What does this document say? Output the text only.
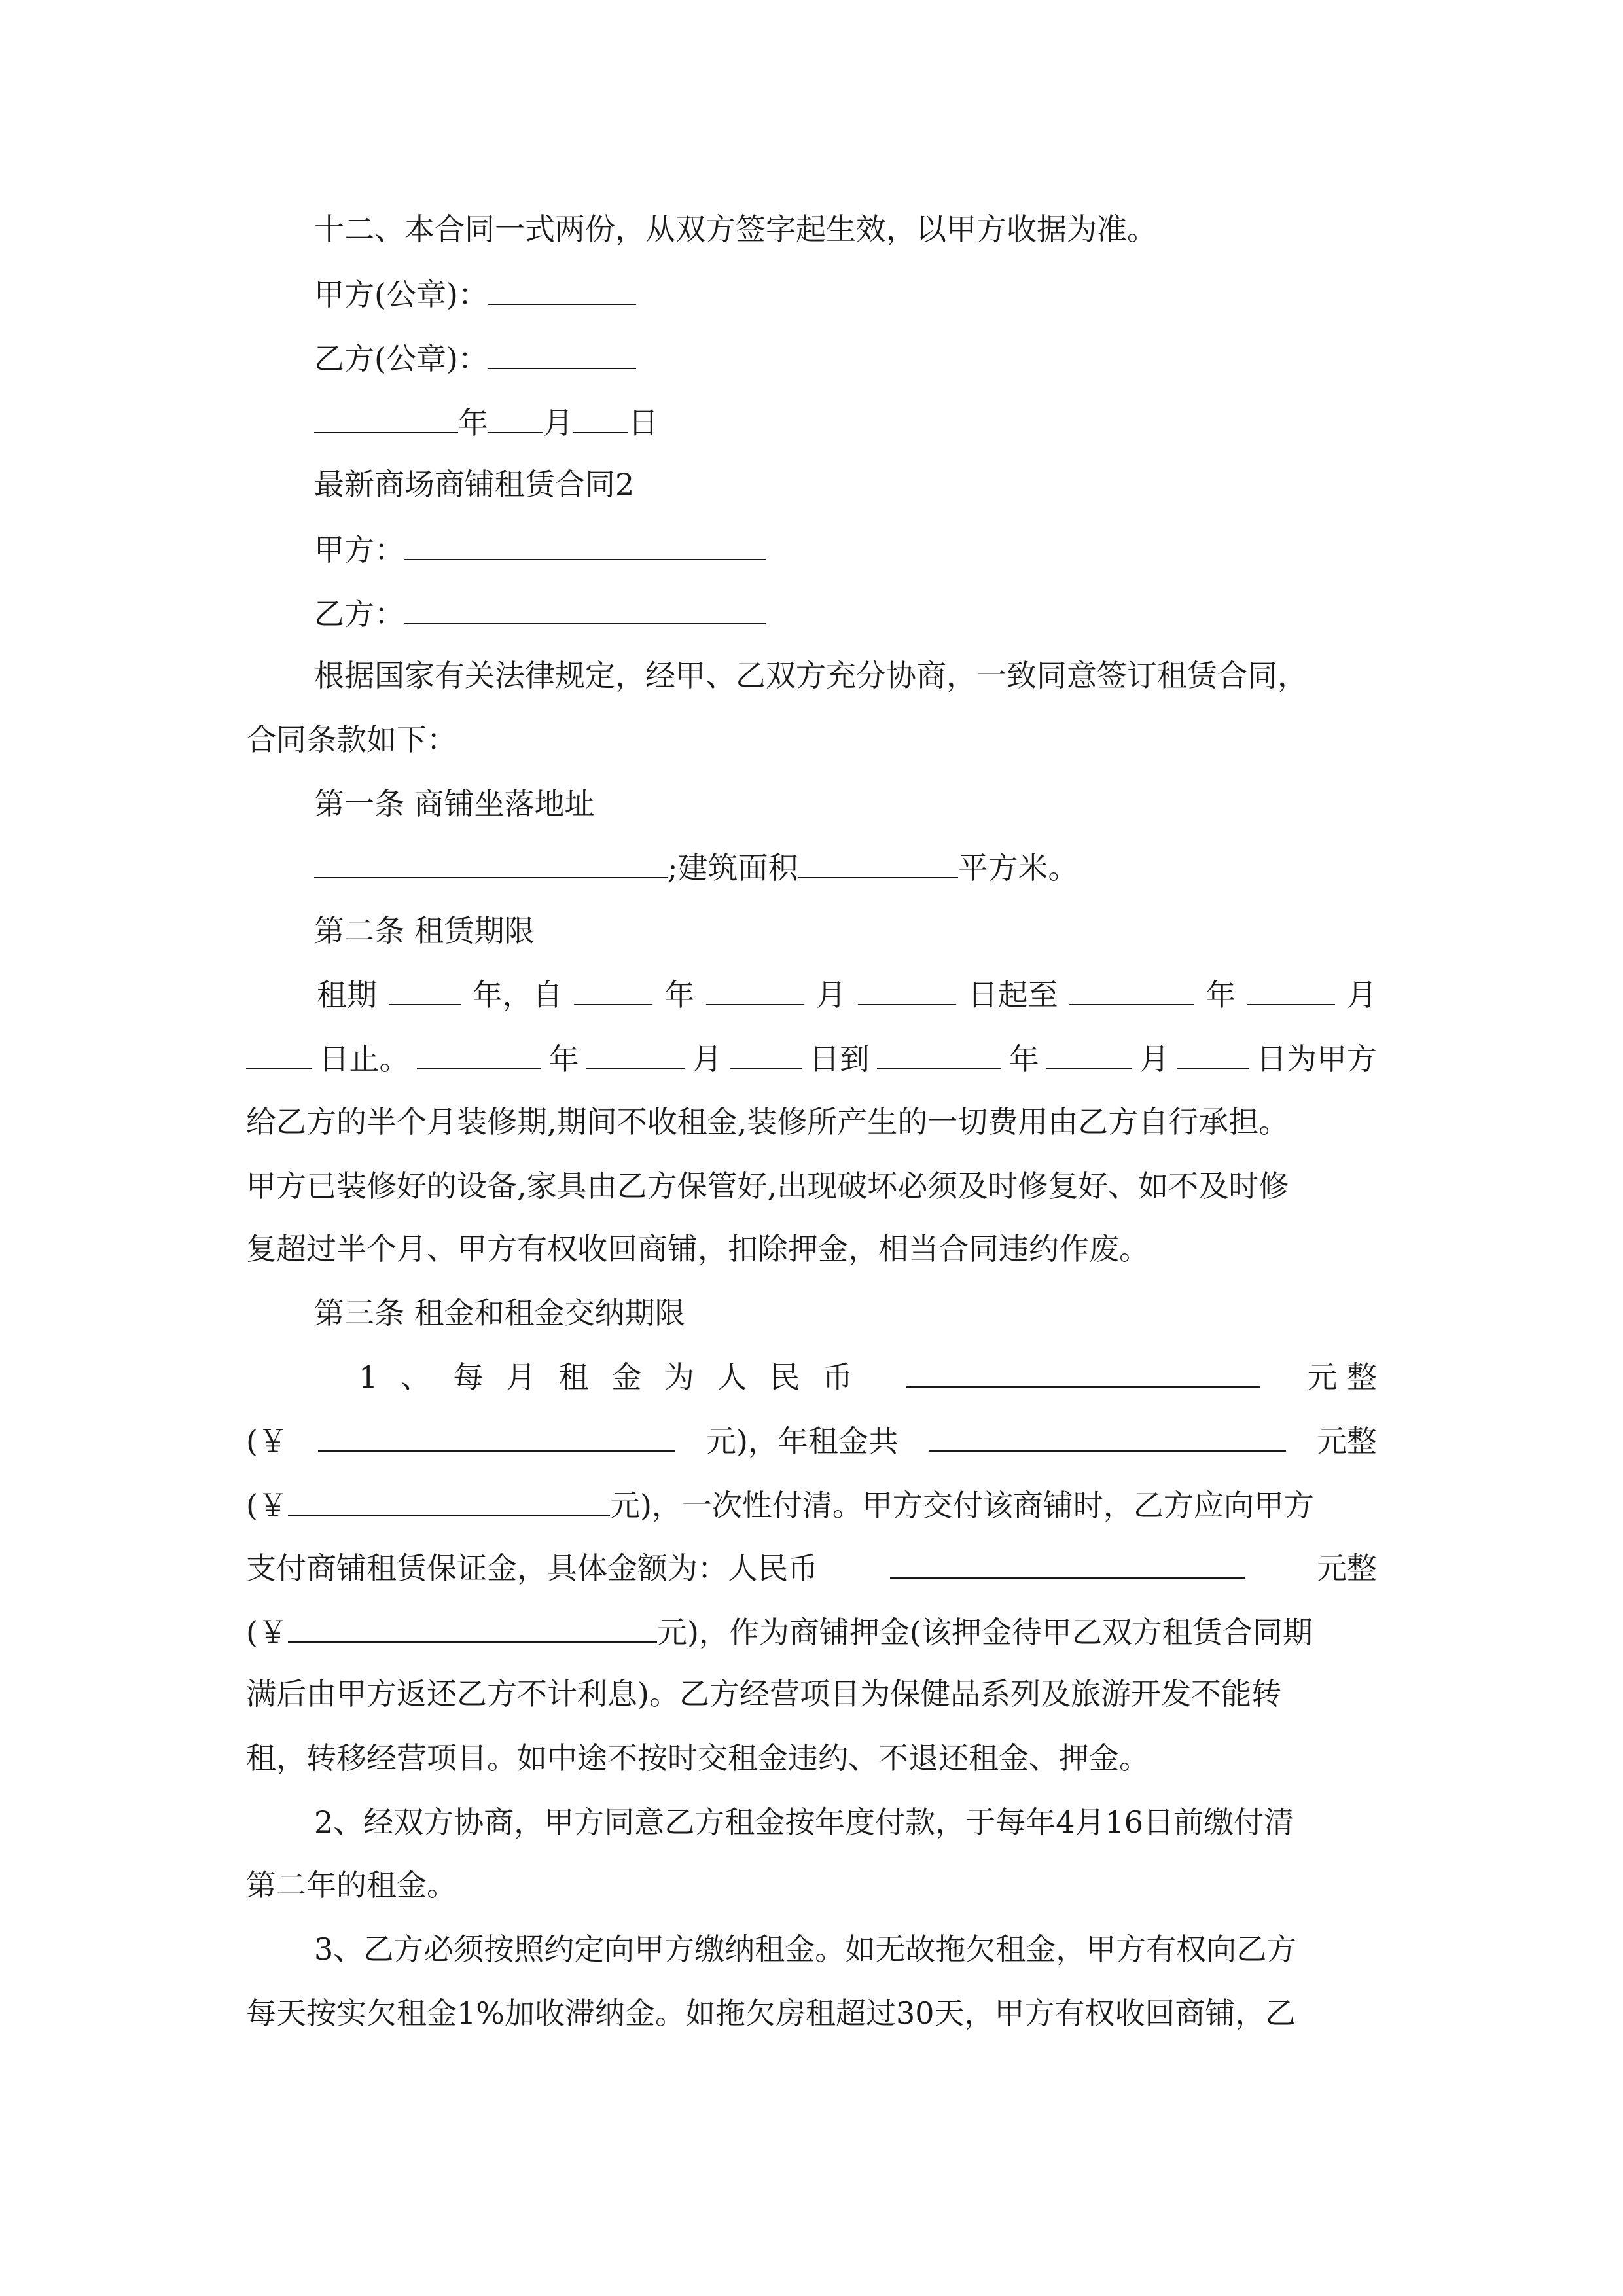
十二、本合同一式两份，从双方签字起生效，以甲方收据为准。
甲方(公章)：
乙方(公章)：
年 月 日
最新商场商铺租赁合同2
甲方：
乙方：
根据国家有关法律规定，经甲、乙双方充分协商，一致同意签订租赁合同，
合同条款如下：
第一条 商铺坐落地址
;建筑面积	平方米。
第二条 租赁期限
租期	年，自	年	月	日起至	年	月
日止。	年	月	日到	年	月	日为甲方
给乙方的半个月装修期,期间不收租金,装修所产生的一切费用由乙方自行承担。
甲方已装修好的设备,家具由乙方保管好,出现破坏必须及时修复好、如不及时修
复超过半个月、甲方有权收回商铺，扣除押金，相当合同违约作废。
第三条 租金和租金交纳期限
1 、 每 月 租 金 为 人 民 币	元 整
(￥	元)，年租金共	元整
(￥	元)，一次性付清。甲方交付该商铺时，乙方应向甲方
支付商铺租赁保证金，具体金额为：人民币	元整
(￥	元)，作为商铺押金(该押金待甲乙双方租赁合同期
满后由甲方返还乙方不计利息)。乙方经营项目为保健品系列及旅游开发不能转
租，转移经营项目。如中途不按时交租金违约、不退还租金、押金。
2、经双方协商，甲方同意乙方租金按年度付款，于每年4月16日前缴付清
第二年的租金。
3、乙方必须按照约定向甲方缴纳租金。如无故拖欠租金，甲方有权向乙方
每天按实欠租金1%加收滞纳金。如拖欠房租超过30天，甲方有权收回商铺，乙
